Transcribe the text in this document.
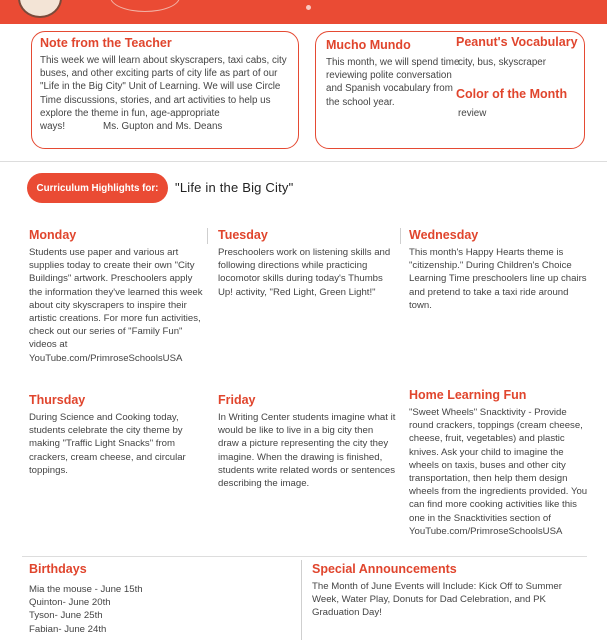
Note from the Teacher
This week we will learn about skyscrapers, taxi cabs, city buses, and other exciting parts of city life as part of our "Life in the Big City" Unit of Learning. We will use Circle Time discussions, stories, and art activities to help us explore the theme in fun, age-appropriate ways!	Ms. Gupton and Ms. Deans
Mucho Mundo
This month, we will spend time reviewing polite conversation and Spanish vocabulary from the school year.
Peanut's Vocabulary
city, bus, skyscraper
Color of the Month
review
Curriculum Highlights for:	"Life in the Big City"
Monday
Students use paper and various art supplies today to create their own "City Buildings" artwork. Preschoolers apply the information they've learned this week about city skyscrapers to inspire their artistic creations. For more fun activities, check out our series of "Family Fun" videos at YouTube.com/PrimroseSchoolsUSA
Tuesday
Preschoolers work on listening skills and following directions while practicing locomotor skills during today's Thumbs Up! activity, "Red Light, Green Light!"
Wednesday
This month's Happy Hearts theme is "citizenship." During Children's Choice Learning Time preschoolers line up chairs and pretend to take a taxi ride around town.
Thursday
During Science and Cooking today, students celebrate the city theme by making "Traffic Light Snacks" from crackers, cream cheese, and circular toppings.
Friday
In Writing Center students imagine what it would be like to live in a big city then draw a picture representing the city they imagine. When the drawing is finished, students write related words or sentences describing the image.
Home Learning Fun
"Sweet Wheels" Snacktivity - Provide round crackers, toppings (cream cheese, cheese, fruit, vegetables) and plastic knives. Ask your child to imagine the wheels on taxis, buses and other city transportation, then help them design wheels from the ingredients provided. You can find more cooking activities like this one in the Snacktivities section of YouTube.com/PrimroseSchoolsUSA
Birthdays
Mia the mouse - June 15th
Quinton- June 20th
Tyson- June 25th
Fabian- June 24th
Special Announcements
The Month of June Events will Include: Kick Off to Summer Week, Water Play, Donuts for Dad Celebration, and PK Graduation Day!
